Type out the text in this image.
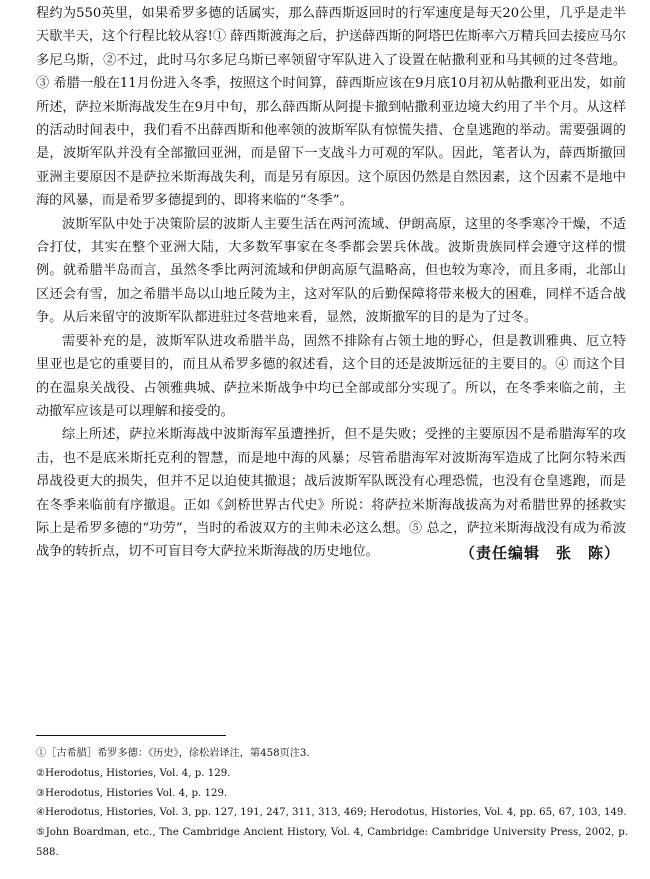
程约为550英里，如果希罗多德的话属实，那么薛西斯返回时的行军速度是每天20公里，几乎是走半天歇半天，这个行程比较从容!① 薛西斯渡海之后，护送薛西斯的阿塔巴佐斯率六万精兵回去接应马尔多尼乌斯，②不过，此时马尔多尼乌斯已率领留守军队进入了设置在帖撒利亚和马其顿的过冬营地。③ 希腊一般在11月份进入冬季，按照这个时间算，薛西斯应该在9月底10月初从帖撒利亚出发，如前所述，萨拉米斯海战发生在9月中旬，那么薛西斯从阿提卡撤到帖撒利亚边境大约用了半个月。从这样的活动时间表中，我们看不出薛西斯和他率领的波斯军队有惊慌失措、仓皇逃跑的举动。需要强调的是，波斯军队并没有全部撤回亚洲，而是留下一支战斗力可观的军队。因此，笔者认为，薛西斯撤回亚洲主要原因不是萨拉米斯海战失利，而是另有原因。这个原因仍然是自然因素，这个因素不是地中海的风暴，而是希罗多德提到的、即将来临的“冬季”。

波斯军队中处于决策阶层的波斯人主要生活在两河流域、伊朗高原，这里的冬季寒冷干燥，不适合打仗，其实在整个亚洲大陆，大多数军事家在冬季都会罢兵休战。波斯贵族同样会遵守这样的惯例。就希腊半岛而言，虽然冬季比两河流域和伊朗高原气温略高，但也较为寒冷，而且多雨，北部山区还会有雪，加之希腊半岛以山地丘陵为主，这对军队的后勤保障将带来极大的困难，同样不适合战争。从后来留守的波斯军队都进驻过冬营地来看，显然，波斯撤军的目的是为了过冬。

需要补充的是，波斯军队进攻希腊半岛，固然不排除有占领土地的野心，但是教训雅典、厄立特里亚也是它的重要目的，而且从希罗多德的叙述看，这个目的还是波斯远征的主要目的。④ 而这个目的在温泉关战役、占领雅典城、萨拉米斯战争中均已全部或部分实现了。所以，在冬季来临之前，主动撤军应该是可以理解和接受的。

综上所述，萨拉米斯海战中波斯海军虽遭挫折，但不是失败；受挫的主要原因不是希腊海军的攻击，也不是底米斯托克利的智慧，而是地中海的风暴；尽管希腊海军对波斯海军造成了比阿尔特米西昂战役更大的损失，但并不足以迫使其撤退；战后波斯军队既没有心理恐慌，也没有仓皇逃跑，而是在冬季来临前有序撤退。正如《剑桥世界古代史》所说：将萨拉米斯海战拔高为对希腊世界的拯救实际上是希罗多德的“功劳”，当时的希波双方的主帅未必这么想。⑤ 总之，萨拉米斯海战没有成为希波战争的转折点，切不可盲目夸大萨拉米斯海战的历史地位。	（责任编辑　张　陈）

①［古希腊］希罗多德：《历史》，徐松岩译注，第458页注3.

②Herodotus, Histories, Vol. 4, p. 129.

③Herodotus, Histories Vol. 4, p. 129.

④Herodotus, Histories, Vol. 3, pp. 127, 191, 247, 311, 313, 469; Herodotus, Histories, Vol. 4, pp. 65, 67, 103, 149.

⑤John Boardman, etc., The Cambridge Ancient History, Vol. 4, Cambridge: Cambridge University Press, 2002, p. 588.
